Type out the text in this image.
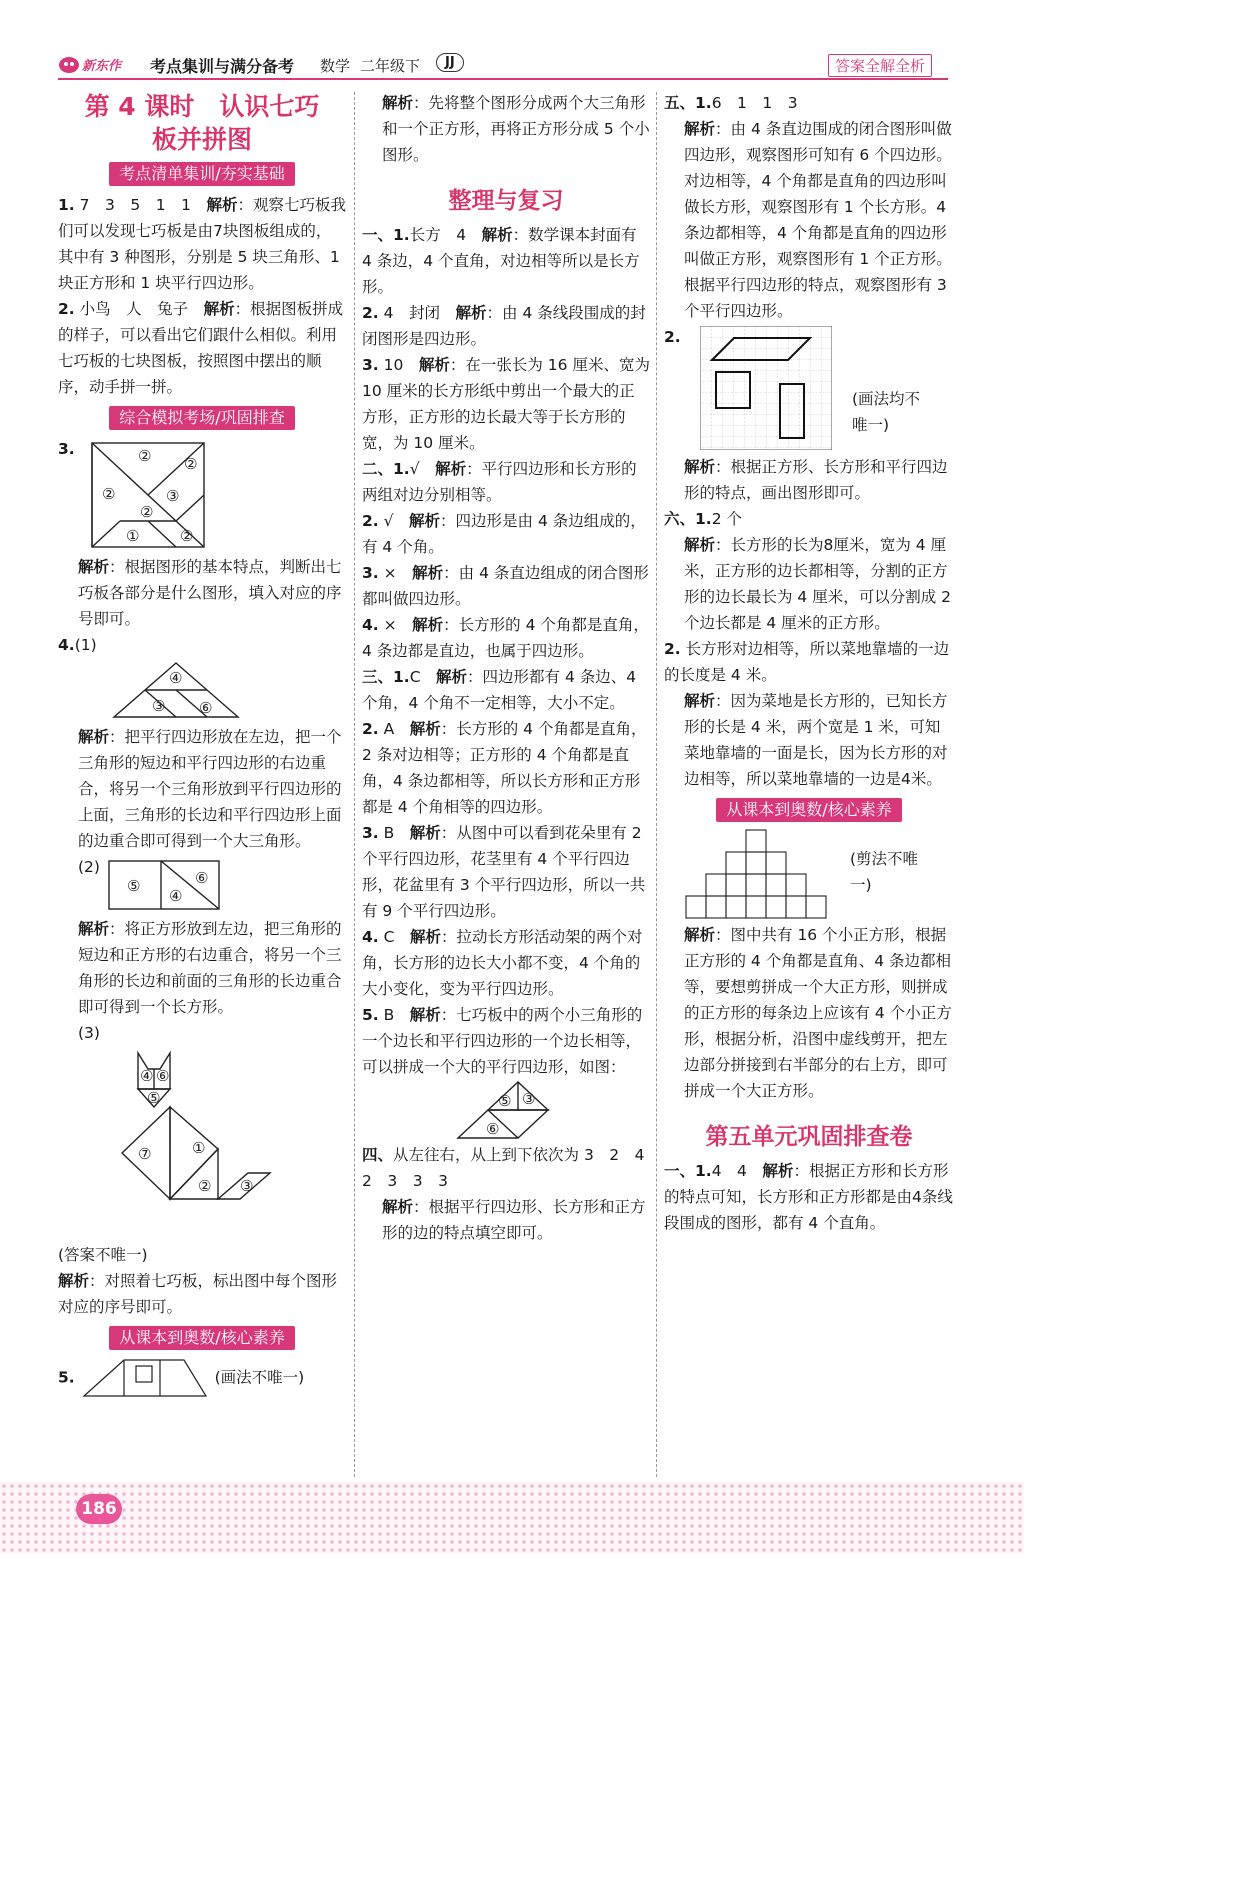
新东作 考点集训与满分备考 数学 二年级下	JJ	答案全解全析
第 4 课时　认识七巧
板并拼图
考点清单集训/夯实基础

1. 7　3　5　1　1　解析：观察七巧板我们可以发现七巧板是由7块图板组成的，其中有 3 种图形，分别是 5 块三角形、1块正方形和 1 块平行四边形。

2. 小鸟　人　兔子　解析：根据图板拼成的样子，可以看出它们跟什么相似。利用七巧板的七块图板，按照图中摆出的顺序，动手拼一拼。

综合模拟考场/巩固排查
3.	② ②
②	③
②
①	②

解析：根据图形的基本特点，判断出七巧板各部分是什么图形，填入对应的序号即可。

4.(1)
④
③ ⑥

解析：把平行四边形放在左边，把一个三角形的短边和平行四边形的右边重合，将另一个三角形放到平行四边形的上面，三角形的长边和平行四边形上面的边重合即可得到一个大三角形。

(2)
⑤	⑥
④

解析：将正方形放到左边，把三角形的短边和正方形的右边重合，将另一个三角形的长边和前面的三角形的长边重合即可得到一个长方形。

(3)
④ ⑥
⑤
①
⑦
② ③

(答案不唯一)

解析：对照着七巧板，标出图中每个图形对应的序号即可。

从课本到奥数/核心素养
5.	(画法不唯一)

解析：先将整个图形分成两个大三角形和一个正方形，再将正方形分成 5 个小图形。

整理与复习

一、1.长方　4　解析：数学课本封面有 4 条边，4 个直角，对边相等所以是长方形。

2. 4　封闭　解析：由 4 条线段围成的封闭图形是四边形。

3. 10　解析：在一张长为 16 厘米、宽为 10 厘米的长方形纸中剪出一个最大的正方形，正方形的边长最大等于长方形的宽，为 10 厘米。

二、1.√　解析：平行四边形和长方形的两组对边分别相等。

2. √　解析：四边形是由 4 条边组成的，有 4 个角。

3. ×　解析：由 4 条直边组成的闭合图形都叫做四边形。

4. ×　解析：长方形的 4 个角都是直角，4 条边都是直边，也属于四边形。

三、1.C　解析：四边形都有 4 条边、4 个角，4 个角不一定相等，大小不定。

2. A　解析：长方形的 4 个角都是直角，2 条对边相等；正方形的 4 个角都是直角，4 条边都相等，所以长方形和正方形都是 4 个角相等的四边形。

3. B　解析：从图中可以看到花朵里有 2 个平行四边形，花茎里有 4 个平行四边形，花盆里有 3 个平行四边形，所以一共有 9 个平行四边形。

4. C　解析：拉动长方形活动架的两个对角，长方形的边长大小都不变，4 个角的大小变化，变为平行四边形。

5. B　解析：七巧板中的两个小三角形的一个边长和平行四边形的一个边长相等，可以拼成一个大的平行四边形，如图：

⑤ ③
⑥

四、从左往右，从上到下依次为 3　2　4　2　3　3　3

解析：根据平行四边形、长方形和正方形的边的特点填空即可。

五、1.6　1　1　3

解析：由 4 条直边围成的闭合图形叫做四边形，观察图形可知有 6 个四边形。对边相等，4 个角都是直角的四边形叫做长方形，观察图形有 1 个长方形。4 条边都相等，4 个角都是直角的四边形叫做正方形，观察图形有 1 个正方形。根据平行四边形的特点，观察图形有 3 个平行四边形。

2.
(画法均不唯一)

解析：根据正方形、长方形和平行四边形的特点，画出图形即可。

六、1.2 个

解析：长方形的长为8厘米，宽为 4 厘米，正方形的边长都相等，分割的正方形的边长最长为 4 厘米，可以分割成 2 个边长都是 4 厘米的正方形。

2. 长方形对边相等，所以菜地靠墙的一边的长度是 4 米。

解析：因为菜地是长方形的，已知长方形的长是 4 米，两个宽是 1 米，可知菜地靠墙的一面是长，因为长方形的对边相等，所以菜地靠墙的一边是4米。

从课本到奥数/核心素养
(剪法不唯一)

解析：图中共有 16 个小正方形，根据正方形的 4 个角都是直角、4 条边都相等，要想剪拼成一个大正方形，则拼成的正方形的每条边上应该有 4 个小正方形，根据分析，沿图中虚线剪开，把左边部分拼接到右半部分的右上方，即可拼成一个大正方形。

第五单元巩固排查卷

一、1.4　4　解析：根据正方形和长方形的特点可知，长方形和正方形都是由4条线段围成的图形，都有 4 个直角。

186
